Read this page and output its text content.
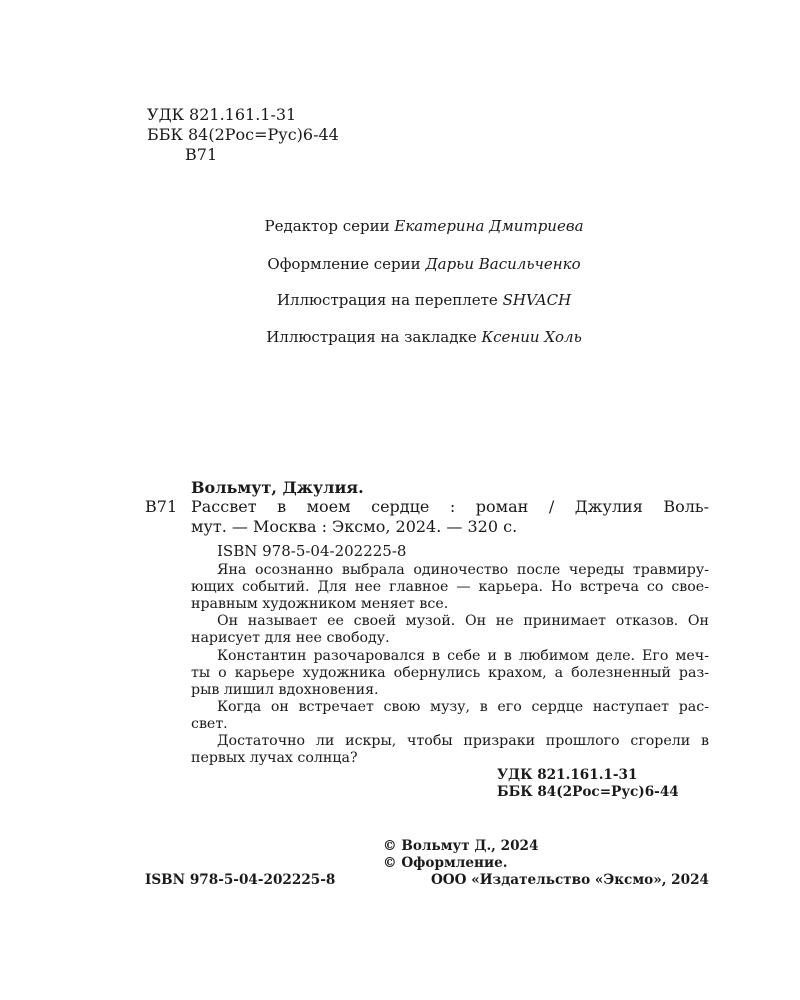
УДК 821.161.1-31
ББК 84(2Рос=Рус)6-44
В71
Редактор серии Екатерина Дмитриева
Оформление серии Дарьи Васильченко
Иллюстрация на переплете SHVACH
Иллюстрация на закладке Ксении Холь
Вольмут, Джулия.
В71 Рассвет в моем сердце : роман / Джулия Воль-
мут. — Москва : Эксмо, 2024. — 320 с.
ISBN 978-5-04-202225-8
Яна осознанно выбрала одиночество после череды травмиру-
ющих событий. Для нее главное — карьера. Но встреча со свое-
нравным художником меняет все.
Он называет ее своей музой. Он не принимает отказов. Он
нарисует для нее свободу.
Константин разочаровался в себе и в любимом деле. Его меч-
ты о карьере художника обернулись крахом, а болезненный раз-
рыв лишил вдохновения.
Когда он встречает свою музу, в его сердце наступает рас-
свет.
Достаточно ли искры, чтобы призраки прошлого сгорели в
первых лучах солнца?
УДК 821.161.1-31
ББК 84(2Рос=Рус)6-44
© Вольмут Д., 2024
© Оформление.
ООО «Издательство «Эксмо», 2024
ISBN 978-5-04-202225-8
